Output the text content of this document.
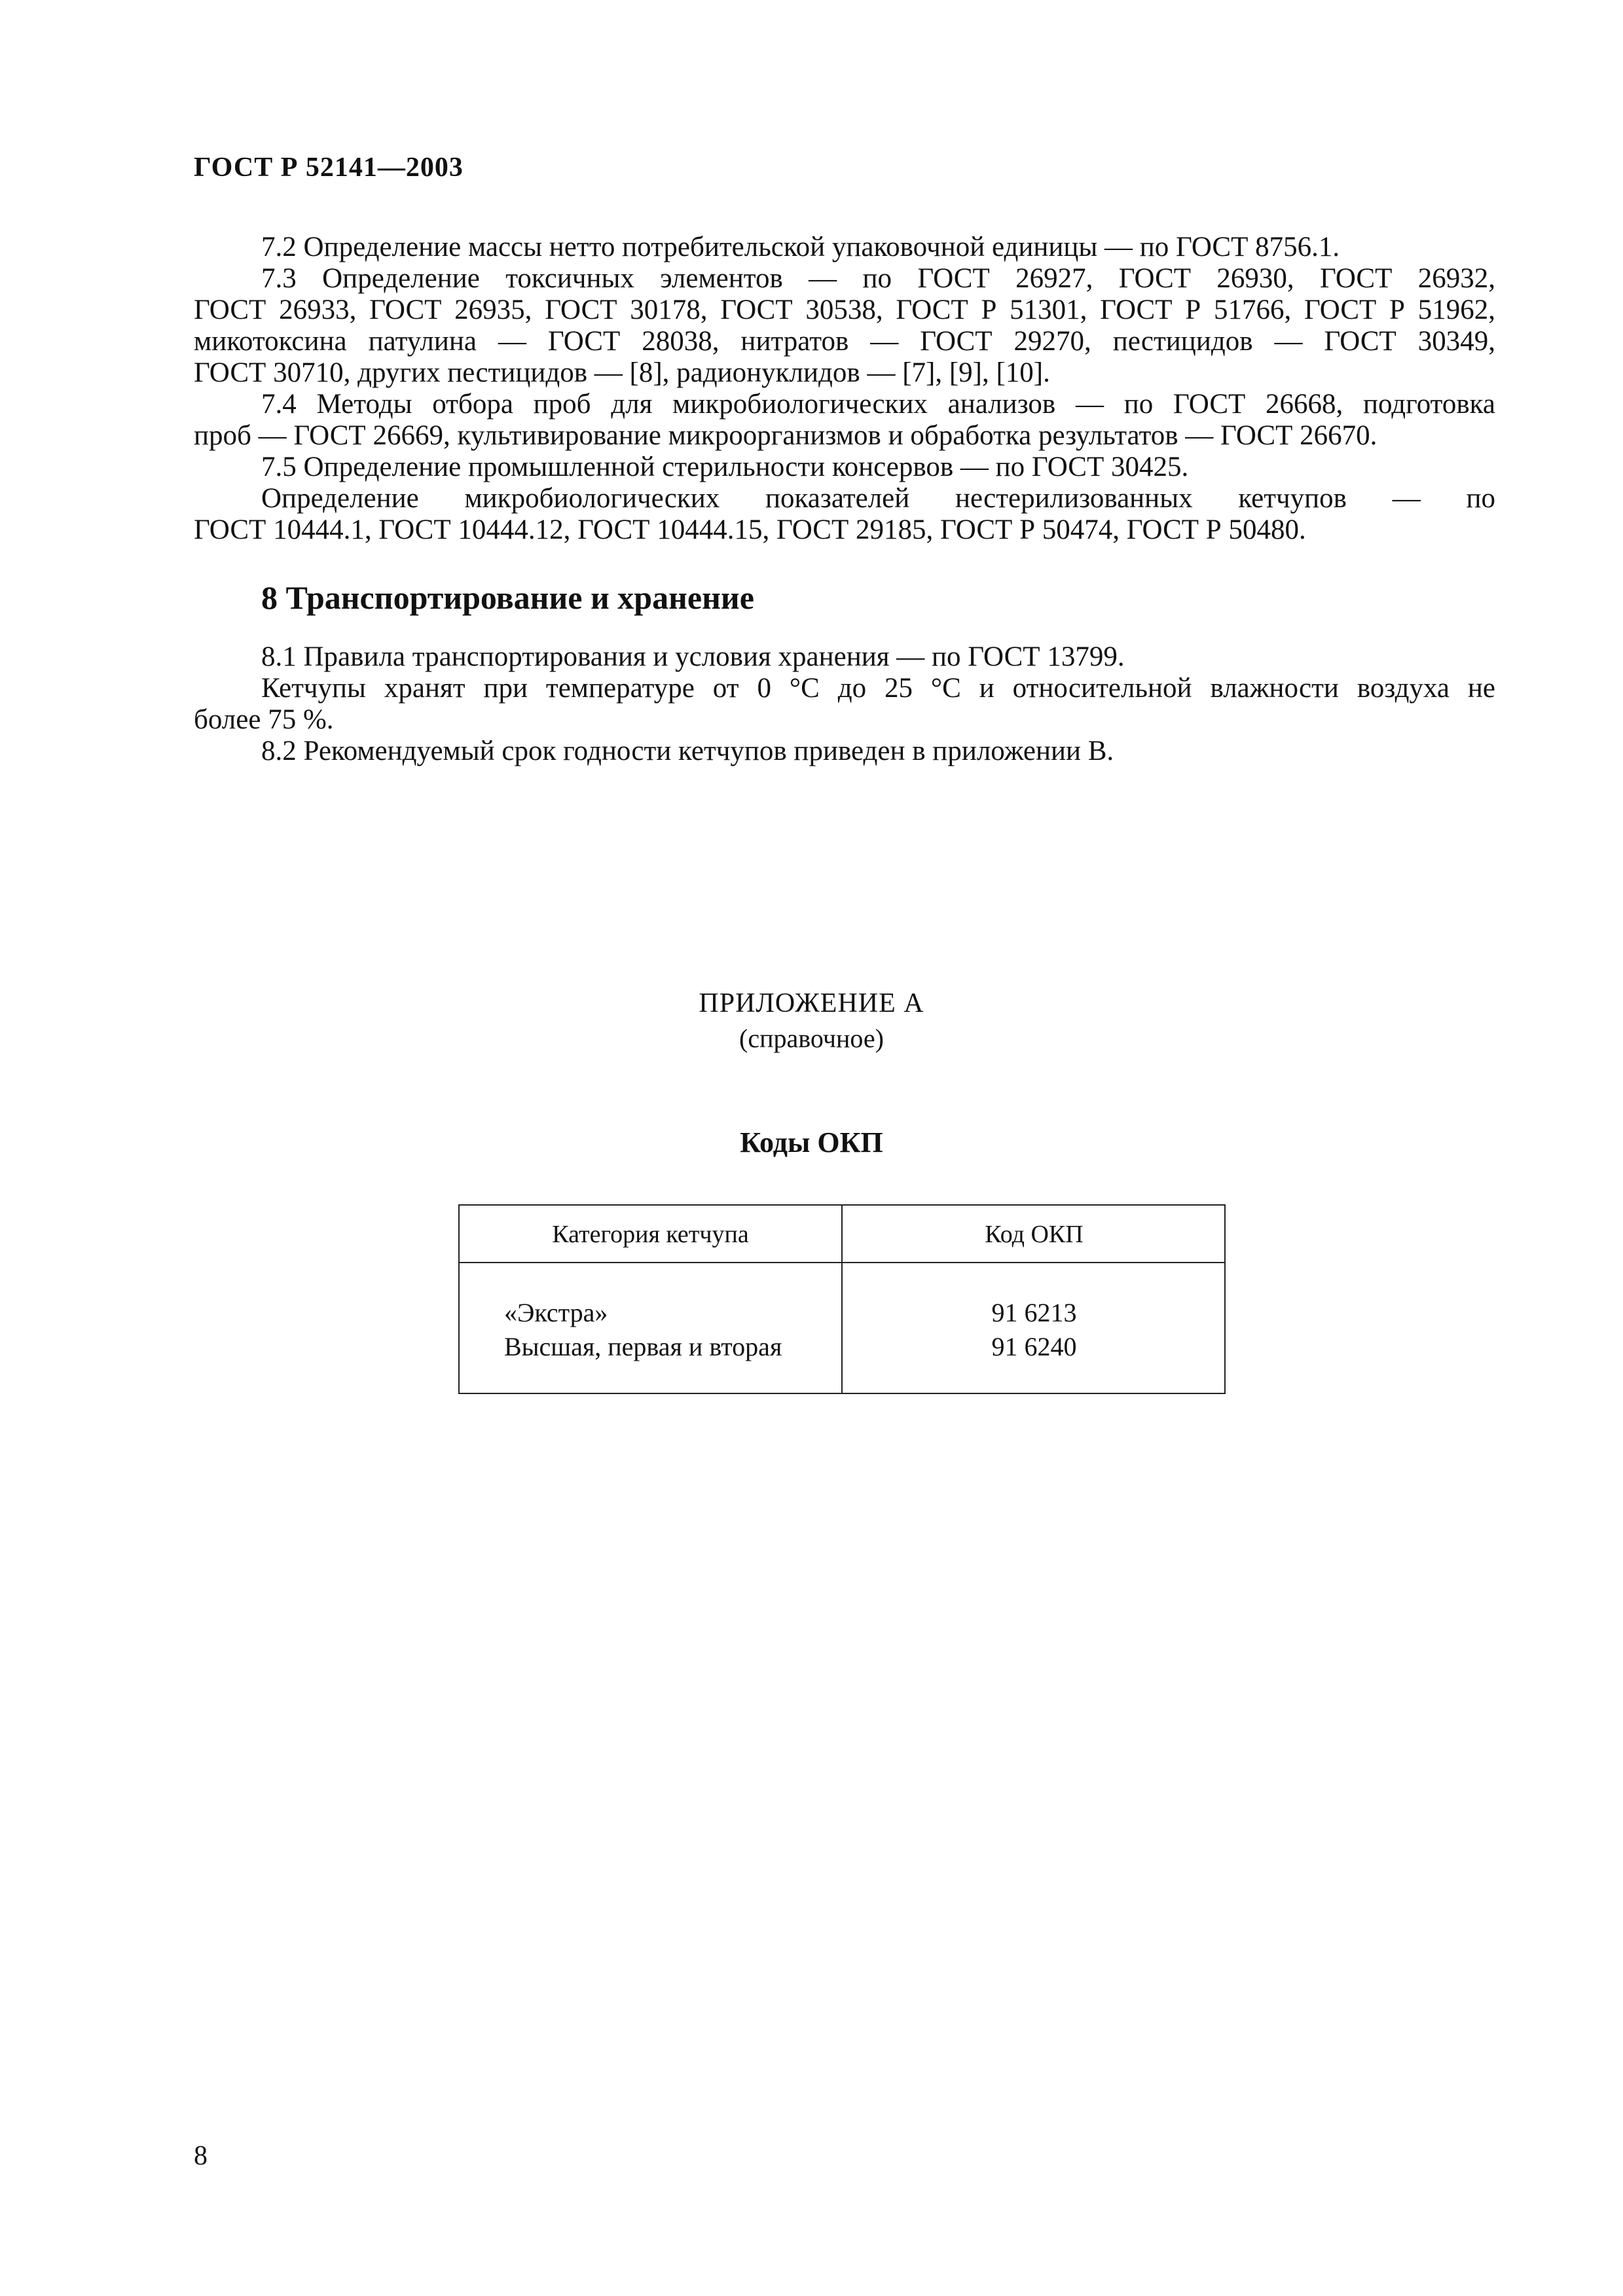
ГОСТ Р 52141—2003

7.2 Определение массы нетто потребительской упаковочной единицы — по ГОСТ 8756.1.

7.3 Определение токсичных элементов — по ГОСТ 26927, ГОСТ 26930, ГОСТ 26932,
ГОСТ 26933, ГОСТ 26935, ГОСТ 30178, ГОСТ 30538, ГОСТ Р 51301, ГОСТ Р 51766, ГОСТ Р 51962,
микотоксина патулина — ГОСТ 28038, нитратов — ГОСТ 29270, пестицидов — ГОСТ 30349,
ГОСТ 30710, других пестицидов — [8], радионуклидов — [7], [9], [10].

7.4 Методы отбора проб для микробиологических анализов — по ГОСТ 26668, подготовка
проб — ГОСТ 26669, культивирование микроорганизмов и обработка результатов — ГОСТ 26670.

7.5 Определение промышленной стерильности консервов — по ГОСТ 30425.

Определение микробиологических показателей нестерилизованных кетчупов — по
ГОСТ 10444.1, ГОСТ 10444.12, ГОСТ 10444.15, ГОСТ 29185, ГОСТ Р 50474, ГОСТ Р 50480.

8 Транспортирование и хранение

8.1 Правила транспортирования и условия хранения — по ГОСТ 13799.

Кетчупы хранят при температуре от 0 °С до 25 °С и относительной влажности воздуха не
более 75 %.

8.2 Рекомендуемый срок годности кетчупов приведен в приложении В.

ПРИЛОЖЕНИЕ А
(справочное)
Коды ОКП
Категория кетчупа	Код ОКП
«Экстра»	91 6213
Высшая, первая и вторая	91 6240
8
